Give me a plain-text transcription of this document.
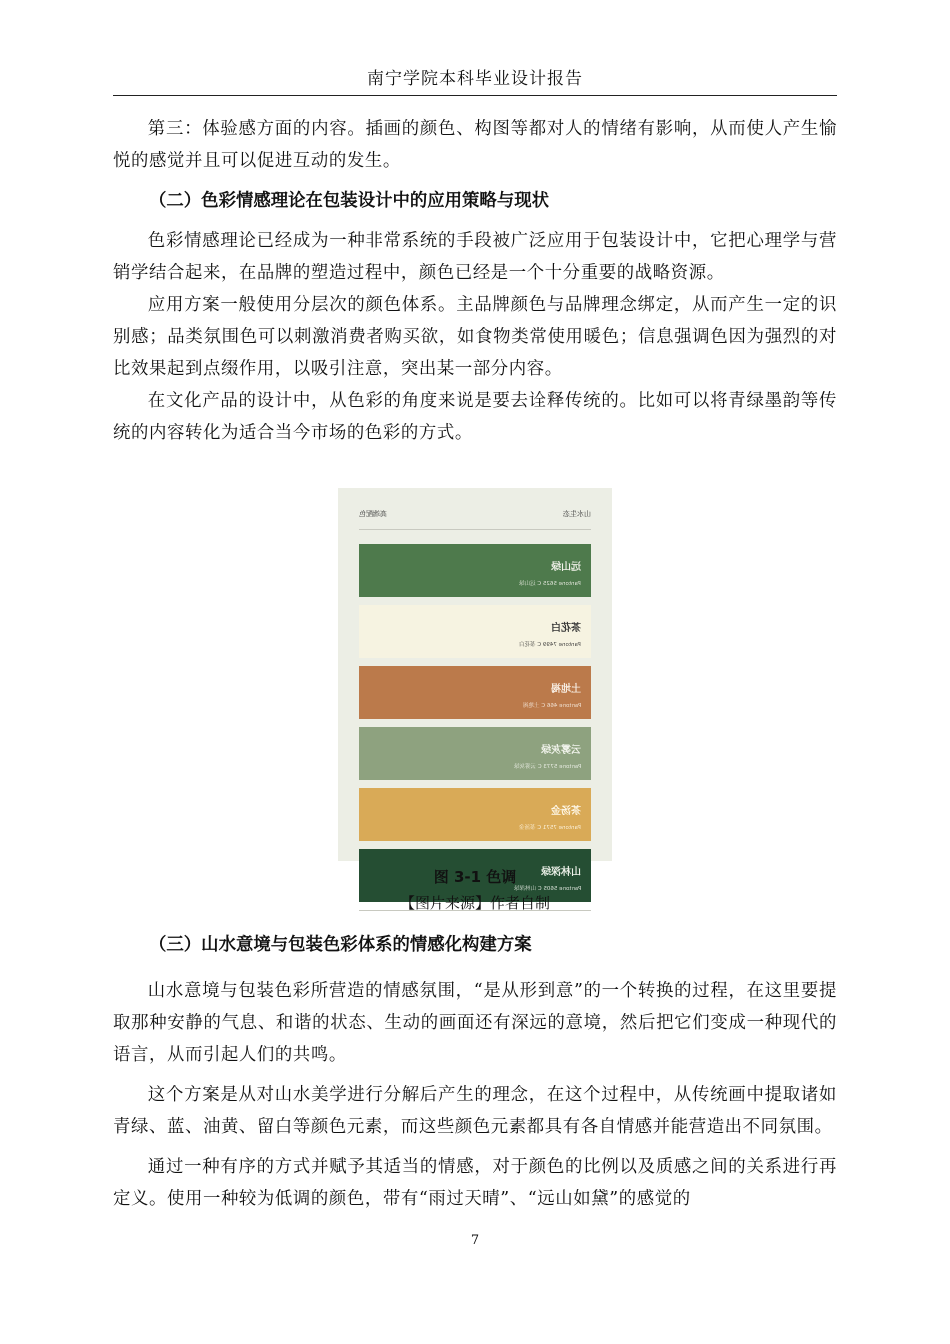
南宁学院本科毕业设计报告

第三：体验感方面的内容。插画的颜色、构图等都对人的情绪有影响，从而使人产生愉悦的感觉并且可以促进互动的发生。

（二）色彩情感理论在包装设计中的应用策略与现状

色彩情感理论已经成为一种非常系统的手段被广泛应用于包装设计中，它把心理学与营销学结合起来，在品牌的塑造过程中，颜色已经是一个十分重要的战略资源。

应用方案一般使用分层次的颜色体系。主品牌颜色与品牌理念绑定，从而产生一定的识别感；品类氛围色可以刺激消费者购买欲，如食物类常使用暖色；信息强调色因为强烈的对比效果起到点缀作用，以吸引注意，突出某一部分内容。

在文化产品的设计中，从色彩的角度来说是要去诠释传统的。比如可以将青绿墨韵等传统的内容转化为适合当今市场的色彩的方式。

山水生态
高端配色
远山绿
Pantone 5625 C 远山绿
茶花白
Pantone 7499 C 茶花白
土地褐
Pantone 466 C 土地褐
云雾灰绿
Pantone 5773 C 云雾灰绿
茶汤金
Pantone 7571 C 茶汤金
山林深绿
Pantone 5605 C 山林深绿
图 3-1 色调
【图片来源】作者自制

（三）山水意境与包装色彩体系的情感化构建方案

山水意境与包装色彩所营造的情感氛围，“是从形到意”的一个转换的过程，在这里要提取那种安静的气息、和谐的状态、生动的画面还有深远的意境，然后把它们变成一种现代的语言，从而引起人们的共鸣。

这个方案是从对山水美学进行分解后产生的理念，在这个过程中，从传统画中提取诸如青绿、蓝、油黄、留白等颜色元素，而这些颜色元素都具有各自情感并能营造出不同氛围。

通过一种有序的方式并赋予其适当的情感，对于颜色的比例以及质感之间的关系进行再定义。使用一种较为低调的颜色，带有“雨过天晴”、“远山如黛”的感觉的

7
